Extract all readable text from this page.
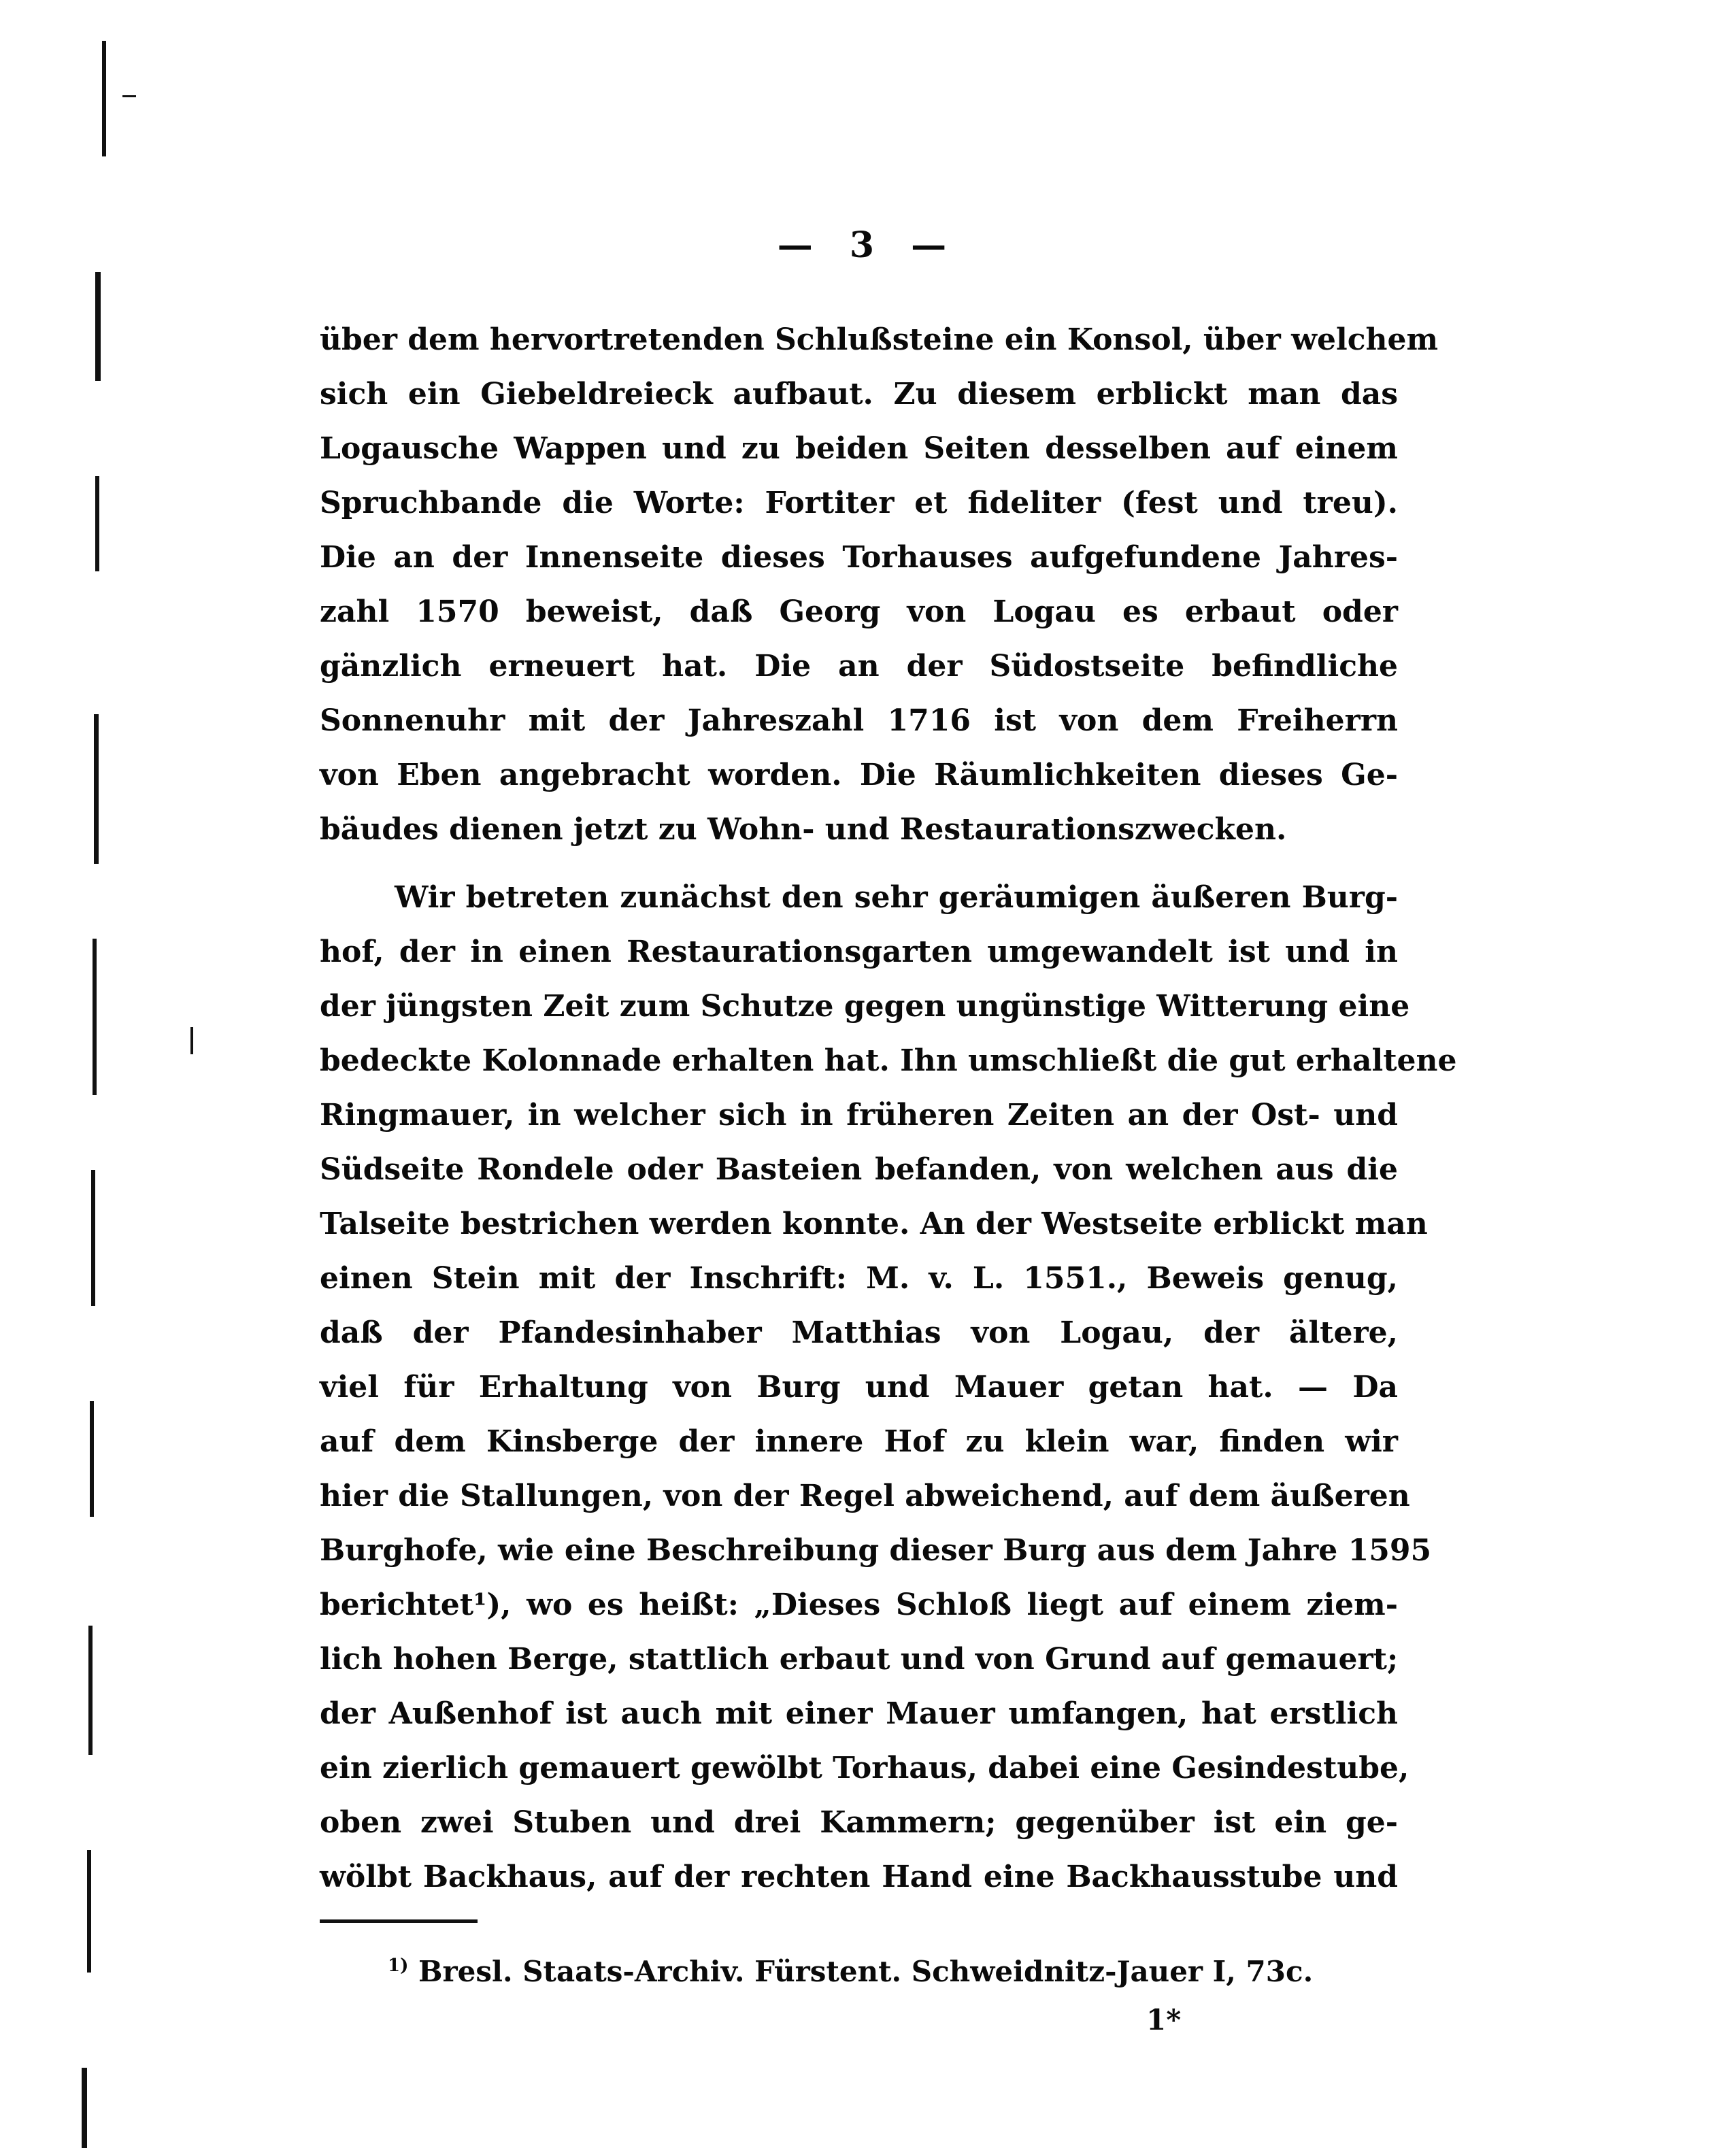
— 3 —
über dem hervortretenden Schlußsteine ein Konsol, über welchem
sich ein Giebeldreieck aufbaut. Zu diesem erblickt man das
Logausche Wappen und zu beiden Seiten desselben auf einem
Spruchbande die Worte: Fortiter et fideliter (fest und treu).
Die an der Innenseite dieses Torhauses aufgefundene Jahres-
zahl 1570 beweist, daß Georg von Logau es erbaut oder
gänzlich erneuert hat. Die an der Südostseite befindliche
Sonnenuhr mit der Jahreszahl 1716 ist von dem Freiherrn
von Eben angebracht worden. Die Räumlichkeiten dieses Ge-
bäudes dienen jetzt zu Wohn- und Restaurationszwecken.
Wir betreten zunächst den sehr geräumigen äußeren Burg-
hof, der in einen Restaurationsgarten umgewandelt ist und in
der jüngsten Zeit zum Schutze gegen ungünstige Witterung eine
bedeckte Kolonnade erhalten hat. Ihn umschließt die gut erhaltene
Ringmauer, in welcher sich in früheren Zeiten an der Ost- und
Südseite Rondele oder Basteien befanden, von welchen aus die
Talseite bestrichen werden konnte. An der Westseite erblickt man
einen Stein mit der Inschrift: M. v. L. 1551., Beweis genug,
daß der Pfandesinhaber Matthias von Logau, der ältere,
viel für Erhaltung von Burg und Mauer getan hat. — Da
auf dem Kinsberge der innere Hof zu klein war, finden wir
hier die Stallungen, von der Regel abweichend, auf dem äußeren
Burghofe, wie eine Beschreibung dieser Burg aus dem Jahre 1595
berichtet¹), wo es heißt: „Dieses Schloß liegt auf einem ziem-
lich hohen Berge, stattlich erbaut und von Grund auf gemauert;
der Außenhof ist auch mit einer Mauer umfangen, hat erstlich
ein zierlich gemauert gewölbt Torhaus, dabei eine Gesindestube,
oben zwei Stuben und drei Kammern; gegenüber ist ein ge-
wölbt Backhaus, auf der rechten Hand eine Backhausstube und
$^{1)}$ Bresl. Staats-Archiv. Fürstent. Schweidnitz-Jauer I, 73c.
1*
